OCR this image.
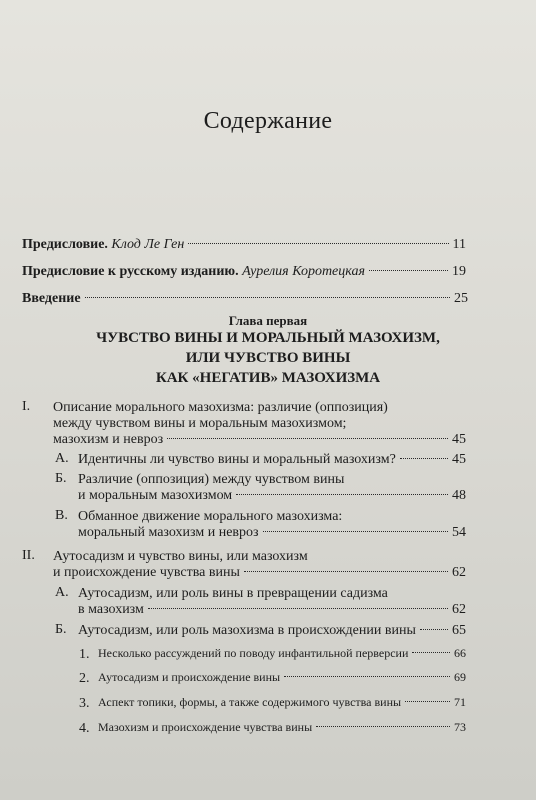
Содержание
Предисловие.
Клод Ле Ген	11
Предисловие к русскому изданию.
Аурелия Коротецкая	19
Введение	25
Глава первая
ЧУВСТВО ВИНЫ И МОРАЛЬНЫЙ МАЗОХИЗМ,
ИЛИ ЧУВСТВО ВИНЫ
КАК «НЕГАТИВ» МАЗОХИЗМА
I. Описание морального мазохизма: различие (оппозиция)
между чувством вины и моральным мазохизмом;
мазохизм и невроз	45
А. Идентичны ли чувство вины и моральный мазохизм?	45
Б. Различие (оппозиция) между чувством вины
и моральным мазохизмом	48
В. Обманное движение морального мазохизма:
моральный мазохизм и невроз	54
II. Аутосадизм и чувство вины, или мазохизм
и происхождение чувства вины	62
А. Аутосадизм, или роль вины в превращении садизма
в мазохизм	62
Б. Аутосадизм, или роль мазохизма в происхождении вины	65
1. Несколько рассуждений по поводу инфантильной перверсии	66
2. Аутосадизм и происхождение вины	69
3. Аспект топики, формы, а также содержимого чувства вины	71
4. Мазохизм и происхождение чувства вины	73
